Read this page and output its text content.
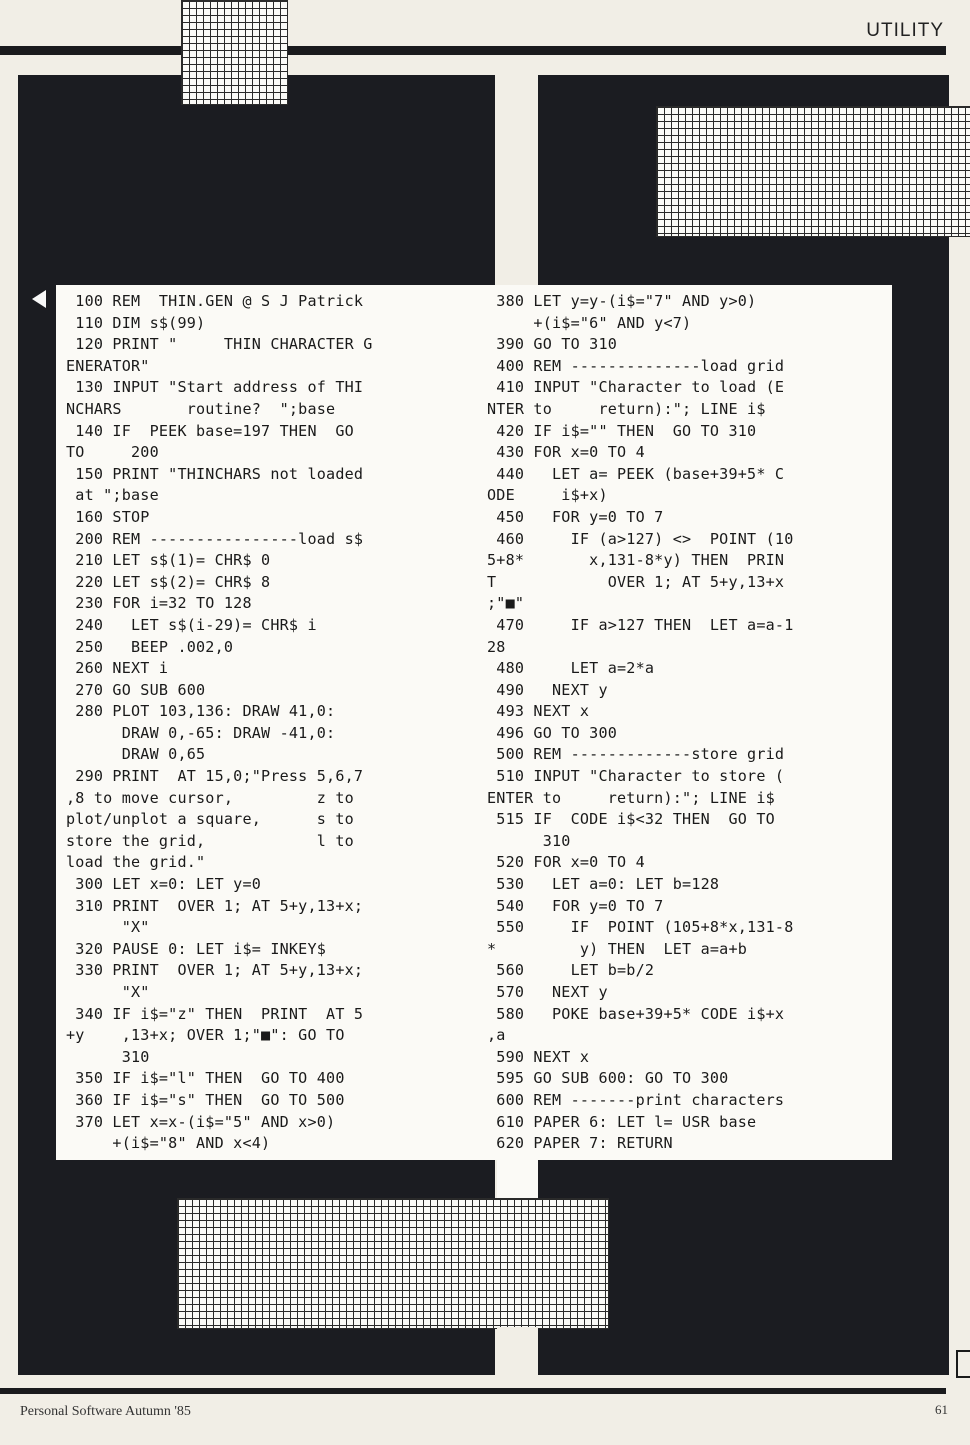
UTILITY
100 REM  THIN.GEN @ S J Patrick
110 DIM s$(99)
120 PRINT "     THIN CHARACTER G
ENERATOR"
130 INPUT "Start address of THI
NCHARS       routine?  ";base
140 IF  PEEK base=197 THEN  GO
TO     200
150 PRINT "THINCHARS not loaded
at ";base
160 STOP
200 REM ----------------load s$
210 LET s$(1)= CHR$ 0
220 LET s$(2)= CHR$ 8
230 FOR i=32 TO 128
240   LET s$(i-29)= CHR$ i
250   BEEP .002,0
260 NEXT i
270 GO SUB 600
280 PLOT 103,136: DRAW 41,0:
DRAW 0,-65: DRAW -41,0:
DRAW 0,65
290 PRINT  AT 15,0;"Press 5,6,7
,8 to move cursor,         z to
plot/unplot a square,      s to
store the grid,            l to
load the grid."
300 LET x=0: LET y=0
310 PRINT  OVER 1; AT 5+y,13+x;
"X"
320 PAUSE 0: LET i$= INKEY$
330 PRINT  OVER 1; AT 5+y,13+x;
"X"
340 IF i$="z" THEN  PRINT  AT 5
+y    ,13+x; OVER 1;"■": GO TO
310
350 IF i$="l" THEN  GO TO 400
360 IF i$="s" THEN  GO TO 500
370 LET x=x-(i$="5" AND x>0)
+(i$="8" AND x<4)
380 LET y=y-(i$="7" AND y>0)
+(i$="6" AND y<7)
390 GO TO 310
400 REM --------------load grid
410 INPUT "Character to load (E
NTER to     return):"; LINE i$
420 IF i$="" THEN  GO TO 310
430 FOR x=0 TO 4
440   LET a= PEEK (base+39+5* C
ODE     i$+x)
450   FOR y=0 TO 7
460     IF (a>127) <>  POINT (10
5+8*       x,131-8*y) THEN  PRIN
T            OVER 1; AT 5+y,13+x
;"■"
470     IF a>127 THEN  LET a=a-1
28
480     LET a=2*a
490   NEXT y
493 NEXT x
496 GO TO 300
500 REM -------------store grid
510 INPUT "Character to store (
ENTER to     return):"; LINE i$
515 IF  CODE i$<32 THEN  GO TO
310
520 FOR x=0 TO 4
530   LET a=0: LET b=128
540   FOR y=0 TO 7
550     IF  POINT (105+8*x,131-8
*         y) THEN  LET a=a+b
560     LET b=b/2
570   NEXT y
580   POKE base+39+5* CODE i$+x
,a
590 NEXT x
595 GO SUB 600: GO TO 300
600 REM -------print characters
610 PAPER 6: LET l= USR base
620 PAPER 7: RETURN
Personal Software Autumn '85	61
